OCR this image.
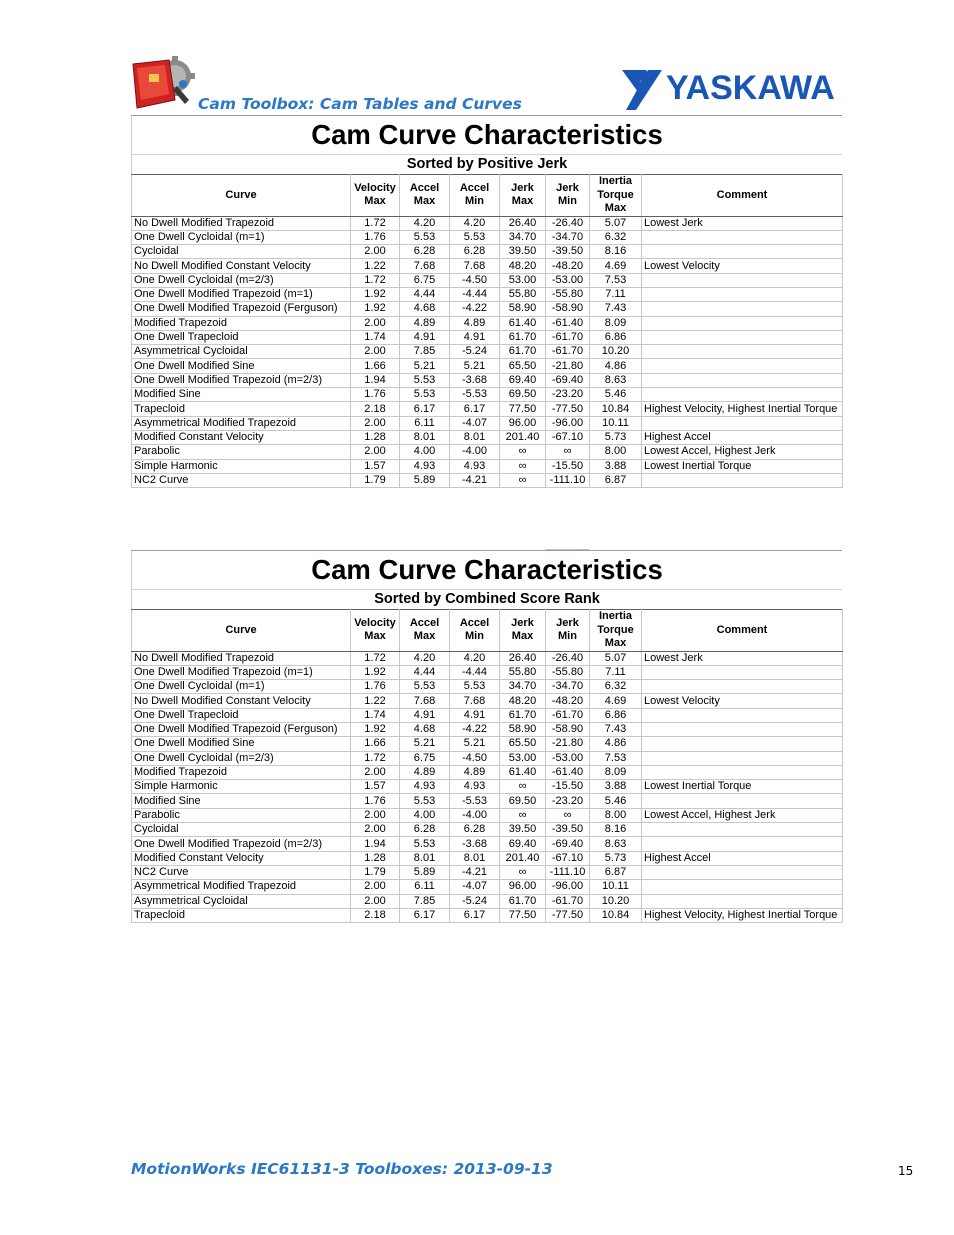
Cam Toolbox: Cam Tables and Curves	YASKAWA
Cam Curve Characteristics
Sorted by Positive Jerk
Curve	Velocity Max	Accel Max	Accel Min	Jerk Max	Jerk Min	Inertia Torque Max	Comment
No Dwell Modified Trapezoid	1.72	4.20	4.20	26.40	-26.40	5.07	Lowest Jerk
One Dwell Cycloidal (m=1)	1.76	5.53	5.53	34.70	-34.70	6.32	
Cycloidal	2.00	6.28	6.28	39.50	-39.50	8.16	
No Dwell Modified Constant Velocity	1.22	7.68	7.68	48.20	-48.20	4.69	Lowest Velocity
One Dwell Cycloidal (m=2/3)	1.72	6.75	-4.50	53.00	-53.00	7.53	
One Dwell Modified Trapezoid (m=1)	1.92	4.44	-4.44	55.80	-55.80	7.11	
One Dwell Modified Trapezoid (Ferguson)	1.92	4.68	-4.22	58.90	-58.90	7.43	
Modified Trapezoid	2.00	4.89	4.89	61.40	-61.40	8.09	
One Dwell Trapecloid	1.74	4.91	4.91	61.70	-61.70	6.86	
Asymmetrical Cycloidal	2.00	7.85	-5.24	61.70	-61.70	10.20	
One Dwell Modified Sine	1.66	5.21	5.21	65.50	-21.80	4.86	
One Dwell Modified Trapezoid (m=2/3)	1.94	5.53	-3.68	69.40	-69.40	8.63	
Modified Sine	1.76	5.53	-5.53	69.50	-23.20	5.46	
Trapecloid	2.18	6.17	6.17	77.50	-77.50	10.84	Highest Velocity, Highest Inertial Torque
Asymmetrical Modified Trapezoid	2.00	6.11	-4.07	96.00	-96.00	10.11	
Modified Constant Velocity	1.28	8.01	8.01	201.40	-67.10	5.73	Highest Accel
Parabolic	2.00	4.00	-4.00	∞	∞	8.00	Lowest Accel, Highest Jerk
Simple Harmonic	1.57	4.93	4.93	∞	-15.50	3.88	Lowest Inertial Torque
NC2 Curve	1.79	5.89	-4.21	∞	-111.10	6.87	
Cam Curve Characteristics
Sorted by Combined Score Rank
Curve	Velocity Max	Accel Max	Accel Min	Jerk Max	Jerk Min	Inertia Torque Max	Comment
No Dwell Modified Trapezoid	1.72	4.20	4.20	26.40	-26.40	5.07	Lowest Jerk
One Dwell Modified Trapezoid (m=1)	1.92	4.44	-4.44	55.80	-55.80	7.11	
One Dwell Cycloidal (m=1)	1.76	5.53	5.53	34.70	-34.70	6.32	
No Dwell Modified Constant Velocity	1.22	7.68	7.68	48.20	-48.20	4.69	Lowest Velocity
One Dwell Trapecloid	1.74	4.91	4.91	61.70	-61.70	6.86	
One Dwell Modified Trapezoid (Ferguson)	1.92	4.68	-4.22	58.90	-58.90	7.43	
One Dwell Modified Sine	1.66	5.21	5.21	65.50	-21.80	4.86	
One Dwell Cycloidal (m=2/3)	1.72	6.75	-4.50	53.00	-53.00	7.53	
Modified Trapezoid	2.00	4.89	4.89	61.40	-61.40	8.09	
Simple Harmonic	1.57	4.93	4.93	∞	-15.50	3.88	Lowest Inertial Torque
Modified Sine	1.76	5.53	-5.53	69.50	-23.20	5.46	
Parabolic	2.00	4.00	-4.00	∞	∞	8.00	Lowest Accel, Highest Jerk
Cycloidal	2.00	6.28	6.28	39.50	-39.50	8.16	
One Dwell Modified Trapezoid (m=2/3)	1.94	5.53	-3.68	69.40	-69.40	8.63	
Modified Constant Velocity	1.28	8.01	8.01	201.40	-67.10	5.73	Highest Accel
NC2 Curve	1.79	5.89	-4.21	∞	-111.10	6.87	
Asymmetrical Modified Trapezoid	2.00	6.11	-4.07	96.00	-96.00	10.11	
Asymmetrical Cycloidal	2.00	7.85	-5.24	61.70	-61.70	10.20	
Trapecloid	2.18	6.17	6.17	77.50	-77.50	10.84	Highest Velocity, Highest Inertial Torque
MotionWorks IEC61131-3 Toolboxes: 2013-09-13	15
